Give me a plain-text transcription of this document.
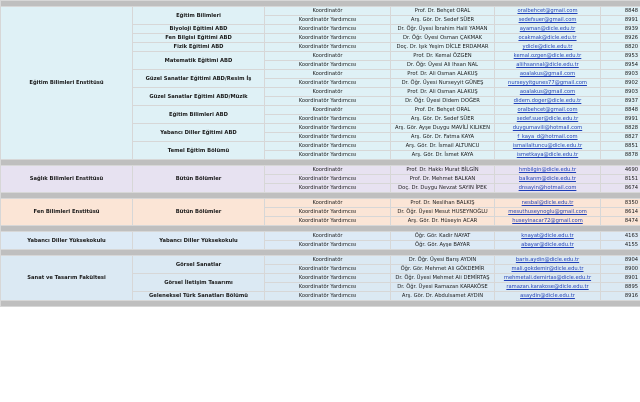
Eğitim Bilimleri Enstitüsü	Eğitim Bilimleri	Koordinatör	Prof. Dr. Behçet ORAL	oralbehcet@gmail.com	8848
		Koordinatör Yardımcısı	Arş. Gör. Dr. Sedef SÜER	sedefsuer@gmail.com	8991
	Biyoloji Eğitimi ABD	Koordinatör Yardımcısı	Dr. Öğr. Üyesi İbrahim Halil YAMAN	ayaman@dicle.edu.tr	8939
	Fen Bilgisi Eğitimi ABD	Koordinatör Yardımcısı	Dr. Öğr. Üyesi Osman ÇAKMAK	ocakmak@dicle.edu.tr	8926
	Fizik Eğitimi ABD	Koordinatör Yardımcısı	Doç. Dr. Işık Yeşim DİCLE ERDAMAR	ydicle@dicle.edu.tr	8820
	Matematik Eğitimi ABD	Koordinatör	Prof. Dr. Kemal ÖZGEN	kemal.ozgen@dicle.edu.tr	8953
		Koordinatör Yardımcısı	Dr. Öğr. Üyesi Ali Ihsan NAL	aliihsannal@dicle.edu.tr	8954
	Güzel Sanatlar Eğitimi ABD/Resim İş	Koordinatör	Prof. Dr. Ali Osman ALAKUŞ	aoalakus@gmail.com	8903
		Koordinatör Yardımcısı	Dr. Öğr. Üyesi Nurseyyit GÜNEŞ	nurseyyitgunes77@gmail.com	8902
	Güzel Sanatlar Eğitimi ABD/Müzik	Koordinatör	Prof. Dr. Ali Osman ALAKUŞ	aoalakus@gmail.com	8903
		Koordinatör Yardımcısı	Dr. Öğr. Üyesi Didem DOĞER	didem.doger@dicle.edu.tr	8937
	Eğitim Bilimleri ABD	Koordinatör	Prof. Dr. Behçet ORAL	oralbehcet@gmail.com	8848
		Koordinatör Yardımcısı	Arş. Gör. Dr. Sedef SÜER	sedef.suer@dicle.edu.tr	8991
	Yabancı Diller Eğitimi ABD	Koordinatör Yardımcısı	Arş. Gör. Ayşe Duygu MAVİLİ KILIKEN	duygumavili@hotmail.com	8828
		Koordinatör Yardımcısı	Arş. Gör. Dr. Fatma KAYA	f_kaya_d@hotmail.com	8827
	Temel Eğitim Bölümü	Koordinatör Yardımcısı	Arş. Gör. Dr. İsmail ALTUNCU	ismailaltuncu@dicle.edu.tr	8851
		Koordinatör Yardımcısı	Arş. Gör. Dr. İsmet KAYA	ismetkaya@dicle.edu.tr	8878

Sağlık Bilimleri Enstitüsü	Bütün Bölümler	Koordinatör	Prof. Dr. Hakkı Murat BİLGİN	hmbilgin@dicle.edu.tr	4690
		Koordinatör Yardımcısı	Prof. Dr. Mehmet BALKAN	balkanm@dicle.edu.tr	8151
		Koordinatör Yardımcısı	Doç. Dr. Duygu Nevzat SAYIN İPEK	dnsayin@hotmail.com	8674

Fen Bilimleri Enstitüsü	Bütün Bölümler	Koordinatör	Prof. Dr. Neslihan BALKIŞ	nesbal@dicle.edu.tr	8350
		Koordinatör Yardımcısı	Dr. Öğr. Üyesi Mesut HUSEYNOĞLU	mesuthuseynoglu@gmail.com	8614
		Koordinatör Yardımcısı	Arş. Gör. Dr. Hüseyin ACAR	huseyinacar72@gmail.com	8474

Yabancı Diller Yüksekokulu	Yabancı Diller Yüksekokulu	Koordinatör	Öğr. Gör. Kadir NAYAT	knayat@dicle.edu.tr	4163
		Koordinatör Yardımcısı	Öğr. Gör. Ayşe BAYAR	abayar@dicle.edu.tr	4155

Sanat ve Tasarım Fakültesi	Görsel Sanatlar	Koordinatör	Dr. Öğr. Üyesi Barış AYDIN	baris.aydin@dicle.edu.tr	8904
		Koordinatör Yardımcısı	Öğr. Gör. Mehmet Ali GÖKDEMİR	mali.gokdemir@dicle.edu.tr	8900
	Görsel İletişim Tasarımı	Koordinatör Yardımcısı	Dr. Öğr. Üyesi Mehmet Ali DEMİRTAŞ	mehmetali.demirtas@dicle.edu.tr	8901
		Koordinatör Yardımcısı	Dr. Öğr. Üyesi Ramazan KARAKÖSE	ramazan.karakose@dicle.edu.tr	8895
	Geleneksel Türk Sanatları Bölümü	Koordinatör Yardımcısı	Arş. Gör. Dr. Abdulsamet AYDIN	asaydin@dicle.edu.tr	8916
